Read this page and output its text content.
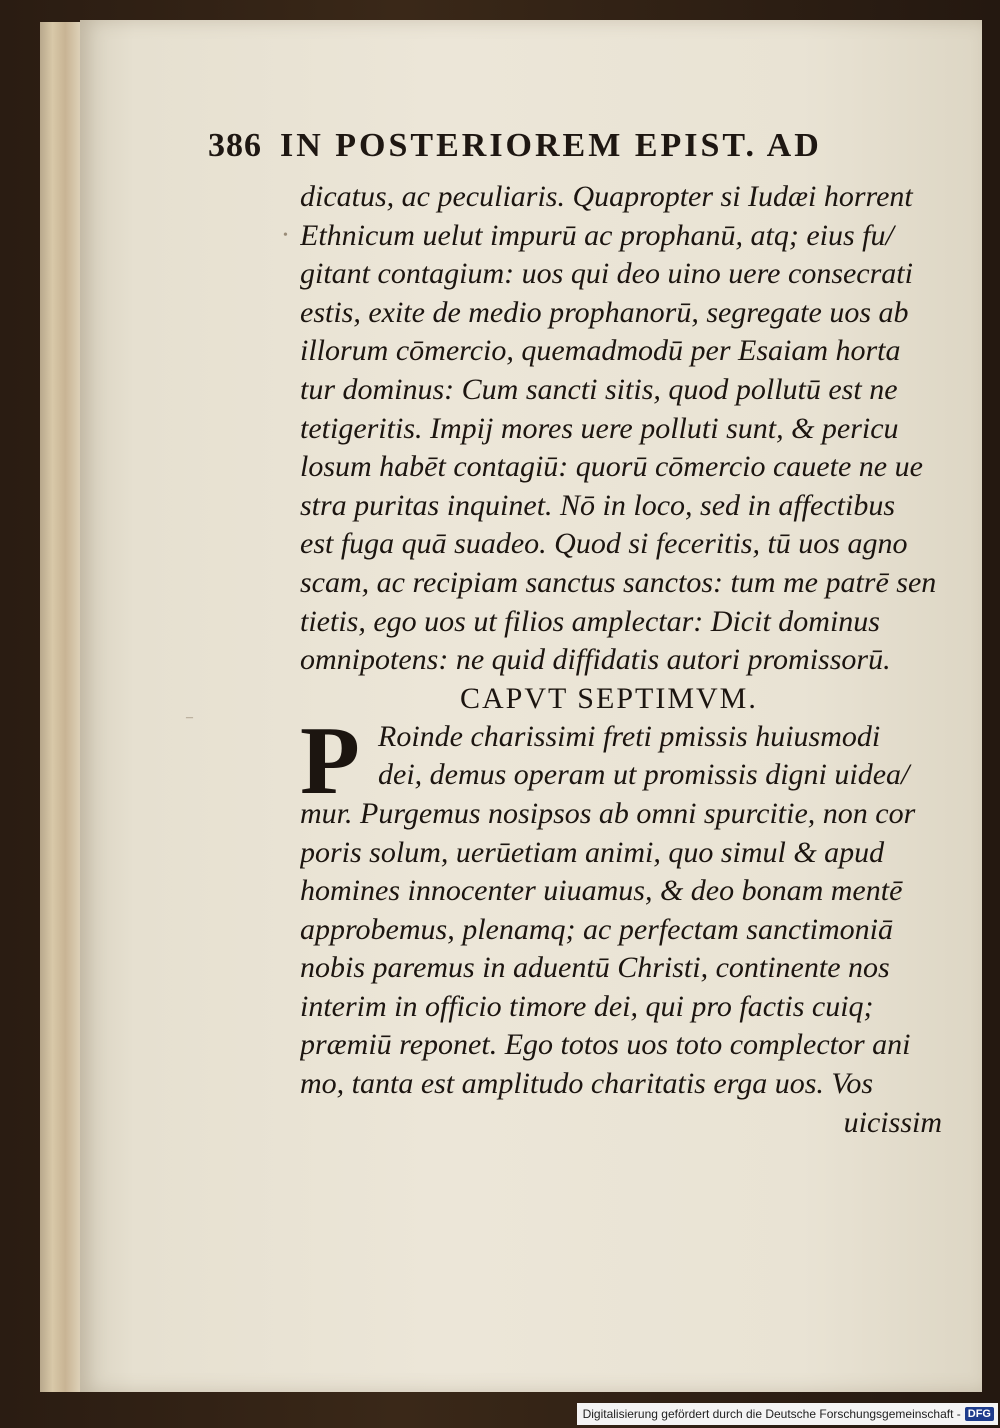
•
–
386 IN POSTERIOREM EPIST. AD
dicatus, ac peculiaris. Quapropter si Iudæi horrent
Ethnicum uelut impurū ac prophanū, atq; eius fu/
gitant contagium: uos qui deo uino uere consecrati
estis, exite de medio prophanorū, segregate uos ab
illorum cōmercio, quemadmodū per Esaiam horta
tur dominus: Cum sancti sitis, quod pollutū est ne
tetigeritis. Impij mores uere polluti sunt, & pericu
losum habēt contagiū: quorū cōmercio cauete ne ue
stra puritas inquinet. Nō in loco, sed in affectibus
est fuga quā suadeo. Quod si feceritis, tū uos agno
scam, ac recipiam sanctus sanctos: tum me patrē sen
tietis, ego uos ut filios amplectar: Dicit dominus
omnipotens: ne quid diffidatis autori promissorū.
CAPVT SEPTIMVM.
P Roinde charissimi freti pmissis huiusmodi
dei, demus operam ut promissis digni uidea/
mur. Purgemus nosipsos ab omni spurcitie, non cor
poris solum, uerūetiam animi, quo simul & apud
homines innocenter uiuamus, & deo bonam mentē
approbemus, plenamq; ac perfectam sanctimoniā
nobis paremus in aduentū Christi, continente nos
interim in officio timore dei, qui pro factis cuiq;
præmiū reponet. Ego totos uos toto complector ani
mo, tanta est amplitudo charitatis erga uos. Vos
uicissim
Digitalisierung gefördert durch die Deutsche Forschungsgemeinschaft - DFG
